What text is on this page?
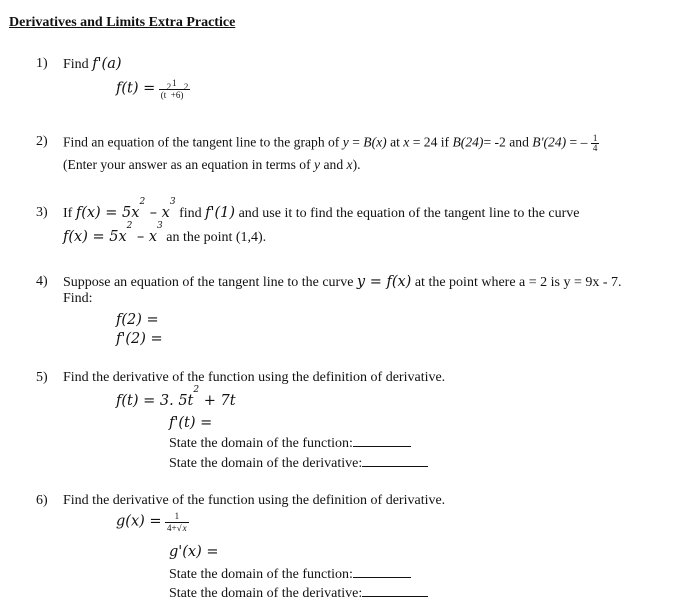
Derivatives and Limits Extra Practice
1) Find f'(a)
$f(t) = \frac{1}{(t^2+6)^2}$
2) Find an equation of the tangent line to the graph of y = B(x) at x = 24 if B(24)= -2 and B'(24) = – $\frac{1}{4}$
(Enter your answer as an equation in terms of y and x).
3) If $f(x) = 5x^2 - x^3$ find f'(1) and use it to find the equation of the tangent line to the curve
$f(x) = 5x^2 - x^3$ an the point (1,4).
4) Suppose an equation of the tangent line to the curve y = f(x) at the point where a = 2 is y = 9x - 7.
Find:
f(2) =
f'(2) =
5) Find the derivative of the function using the definition of derivative.
f(t) = 3. $5t^2 + 7t$
f'(t) =
State the domain of the function:
State the domain of the derivative:
6) Find the derivative of the function using the definition of derivative.
$g(x) = \frac{1}{4+√x}$
g'(x) =
State the domain of the function:
State the domain of the derivative:
